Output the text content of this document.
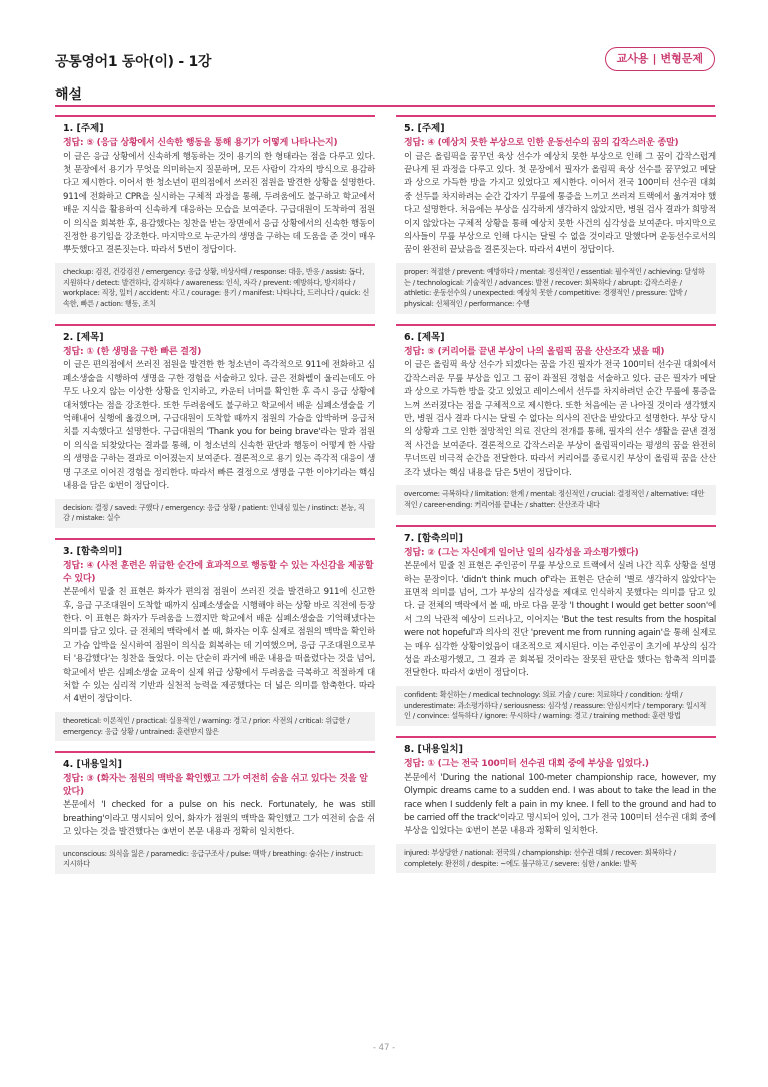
공통영어1 동아(이) - 1강	교사용 | 변형문제
해설
1. [주제]
정답: ⑤ (응급 상황에서 신속한 행동을 통해 용기가 어떻게 나타나는지)
이 글은 응급 상황에서 신속하게 행동하는 것이 용기의 한 형태라는 점을 다루고 있다. 첫 문장에서 용기가 무엇을 의미하는지 질문하며, 모든 사람이 각자의 방식으로 용감하다고 제시한다. 이어서 한 청소년이 편의점에서 쓰러진 점원을 발견한 상황을 설명한다. 911에 전화하고 CPR을 실시하는 구체적 과정을 통해, 두려움에도 불구하고 학교에서 배운 지식을 활용하여 신속하게 대응하는 모습을 보여준다. 구급대원이 도착하여 점원이 의식을 회복한 후, 용감했다는 칭찬을 받는 장면에서 응급 상황에서의 신속한 행동이 진정한 용기임을 강조한다. 마지막으로 누군가의 생명을 구하는 데 도움을 준 것이 매우 뿌듯했다고 결론짓는다. 따라서 5번이 정답이다.
checkup: 검진, 건강검진 / emergency: 응급 상황, 비상사태 / response: 대응, 반응 / assist: 돕다, 지원하다 / detect: 발견하다, 감지하다 / awareness: 인식, 자각 / prevent: 예방하다, 방지하다 / workplace: 직장, 일터 / accident: 사고 / courage: 용기 / manifest: 나타나다, 드러나다 / quick: 신속한, 빠른 / action: 행동, 조치
2. [제목]
정답: ① (한 생명을 구한 빠른 결정)
이 글은 편의점에서 쓰러진 점원을 발견한 한 청소년이 즉각적으로 911에 전화하고 심폐소생술을 시행하여 생명을 구한 경험을 서술하고 있다. 글은 전화벨이 울리는데도 아무도 나오지 않는 이상한 상황을 인지하고, 카운터 너머를 확인한 후 즉시 응급 상황에 대처했다는 점을 강조한다. 또한 두려움에도 불구하고 학교에서 배운 심폐소생술을 기억해내어 실행에 옮겼으며, 구급대원이 도착할 때까지 점원의 가슴을 압박하며 응급처치를 지속했다고 설명한다. 구급대원의 'Thank you for being brave'라는 말과 점원이 의식을 되찾았다는 결과를 통해, 이 청소년의 신속한 판단과 행동이 어떻게 한 사람의 생명을 구하는 결과로 이어졌는지 보여준다. 결론적으로 용기 있는 즉각적 대응이 생명 구조로 이어진 경험을 정리한다. 따라서 빠른 결정으로 생명을 구한 이야기라는 핵심 내용을 담은 ①번이 정답이다.
decision: 결정 / saved: 구했다 / emergency: 응급 상황 / patient: 인내심 있는 / instinct: 본능, 직감 / mistake: 실수
3. [함축의미]
정답: ④ (사전 훈련은 위급한 순간에 효과적으로 행동할 수 있는 자신감을 제공할 수 있다)
본문에서 밑줄 친 표현은 화자가 편의점 점원이 쓰러진 것을 발견하고 911에 신고한 후, 응급 구조대원이 도착할 때까지 심폐소생술을 시행해야 하는 상황 바로 직전에 등장한다. 이 표현은 화자가 두려움을 느꼈지만 학교에서 배운 심폐소생술을 기억해냈다는 의미를 담고 있다. 글 전체의 맥락에서 볼 때, 화자는 이후 실제로 점원의 맥박을 확인하고 가슴 압박을 실시하여 점원이 의식을 회복하는 데 기여했으며, 응급 구조대원으로부터 '용감했다'는 칭찬을 들었다. 이는 단순히 과거에 배운 내용을 떠올렸다는 것을 넘어, 학교에서 받은 심폐소생술 교육이 실제 위급 상황에서 두려움을 극복하고 적절하게 대처할 수 있는 심리적 기반과 실천적 능력을 제공했다는 더 넓은 의미를 함축한다. 따라서 4번이 정답이다.
theoretical: 이론적인 / practical: 실용적인 / warning: 경고 / prior: 사전의 / critical: 위급한 / emergency: 응급 상황 / untrained: 훈련받지 않은
4. [내용일치]
정답: ③ (화자는 점원의 맥박을 확인했고 그가 여전히 숨을 쉬고 있다는 것을 알았다)
본문에서 'I checked for a pulse on his neck. Fortunately, he was still breathing'이라고 명시되어 있어, 화자가 점원의 맥박을 확인했고 그가 여전히 숨을 쉬고 있다는 것을 발견했다는 ③번이 본문 내용과 정확히 일치한다.
unconscious: 의식을 잃은 / paramedic: 응급구조사 / pulse: 맥박 / breathing: 숨쉬는 / instruct: 지시하다
5. [주제]
정답: ④ (예상치 못한 부상으로 인한 운동선수의 꿈의 갑작스러운 종말)
이 글은 올림픽을 꿈꾸던 육상 선수가 예상치 못한 부상으로 인해 그 꿈이 갑작스럽게 끝나게 된 과정을 다루고 있다. 첫 문장에서 필자가 올림픽 육상 선수를 꿈꾸었고 메달과 상으로 가득한 방을 가지고 있었다고 제시한다. 이어서 전국 100미터 선수권 대회 중 선두를 차지하려는 순간 갑자기 무릎에 통증을 느끼고 쓰러져 트랙에서 옮겨져야 했다고 설명한다. 처음에는 부상을 심각하게 생각하지 않았지만, 병원 검사 결과가 희망적이지 않았다는 구체적 상황을 통해 예상치 못한 사건의 심각성을 보여준다. 마지막으로 의사들이 무릎 부상으로 인해 다시는 달릴 수 없을 것이라고 말했다며 운동선수로서의 꿈이 완전히 끝났음을 결론짓는다. 따라서 4번이 정답이다.
proper: 적절한 / prevent: 예방하다 / mental: 정신적인 / essential: 필수적인 / achieving: 달성하는 / technological: 기술적인 / advances: 발전 / recover: 회복하다 / abrupt: 갑작스러운 / athletic: 운동선수의 / unexpected: 예상치 못한 / competitive: 경쟁적인 / pressure: 압박 / physical: 신체적인 / performance: 수행
6. [제목]
정답: ⑤ (커리어를 끝낸 부상이 나의 올림픽 꿈을 산산조각 냈을 때)
이 글은 올림픽 육상 선수가 되겠다는 꿈을 가진 필자가 전국 100미터 선수권 대회에서 갑작스러운 무릎 부상을 입고 그 꿈이 좌절된 경험을 서술하고 있다. 글은 필자가 메달과 상으로 가득한 방을 갖고 있었고 레이스에서 선두를 차지하려던 순간 무릎에 통증을 느껴 쓰러졌다는 점을 구체적으로 제시한다. 또한 처음에는 곧 나아질 것이라 생각했지만, 병원 검사 결과 다시는 달릴 수 없다는 의사의 진단을 받았다고 설명한다. 부상 당시의 상황과 그로 인한 절망적인 의료 진단의 전개를 통해, 필자의 선수 생활을 끝낸 결정적 사건을 보여준다. 결론적으로 갑작스러운 부상이 올림픽이라는 평생의 꿈을 완전히 무너뜨린 비극적 순간을 전달한다. 따라서 커리어를 종료시킨 부상이 올림픽 꿈을 산산조각 냈다는 핵심 내용을 담은 5번이 정답이다.
overcome: 극복하다 / limitation: 한계 / mental: 정신적인 / crucial: 결정적인 / alternative: 대안적인 / career-ending: 커리어를 끝내는 / shatter: 산산조각 내다
7. [함축의미]
정답: ② (그는 자신에게 일어난 일의 심각성을 과소평가했다)
본문에서 밑줄 친 표현은 주인공이 무릎 부상으로 트랙에서 실려 나간 직후 상황을 설명하는 문장이다. 'didn't think much of'라는 표현은 단순히 '별로 생각하지 않았다'는 표면적 의미를 넘어, 그가 부상의 심각성을 제대로 인식하지 못했다는 의미를 담고 있다. 글 전체의 맥락에서 볼 때, 바로 다음 문장 'I thought I would get better soon'에서 그의 낙관적 예상이 드러나고, 이어지는 'But the test results from the hospital were not hopeful'과 의사의 진단 'prevent me from running again'을 통해 실제로는 매우 심각한 상황이었음이 대조적으로 제시된다. 이는 주인공이 초기에 부상의 심각성을 과소평가했고, 그 결과 곧 회복될 것이라는 잘못된 판단을 했다는 함축적 의미를 전달한다. 따라서 ②번이 정답이다.
confident: 확신하는 / medical technology: 의료 기술 / cure: 치료하다 / condition: 상태 / underestimate: 과소평가하다 / seriousness: 심각성 / reassure: 안심시키다 / temporary: 일시적인 / convince: 설득하다 / ignore: 무시하다 / warning: 경고 / training method: 훈련 방법
8. [내용일치]
정답: ① (그는 전국 100미터 선수권 대회 중에 부상을 입었다.)
본문에서 'During the national 100-meter championship race, however, my Olympic dreams came to a sudden end. I was about to take the lead in the race when I suddenly felt a pain in my knee. I fell to the ground and had to be carried off the track'이라고 명시되어 있어, 그가 전국 100미터 선수권 대회 중에 부상을 입었다는 ①번이 본문 내용과 정확히 일치한다.
injured: 부상당한 / national: 전국의 / championship: 선수권 대회 / recover: 회복하다 / completely: 완전히 / despite: ~에도 불구하고 / severe: 심한 / ankle: 발목
- 47 -
